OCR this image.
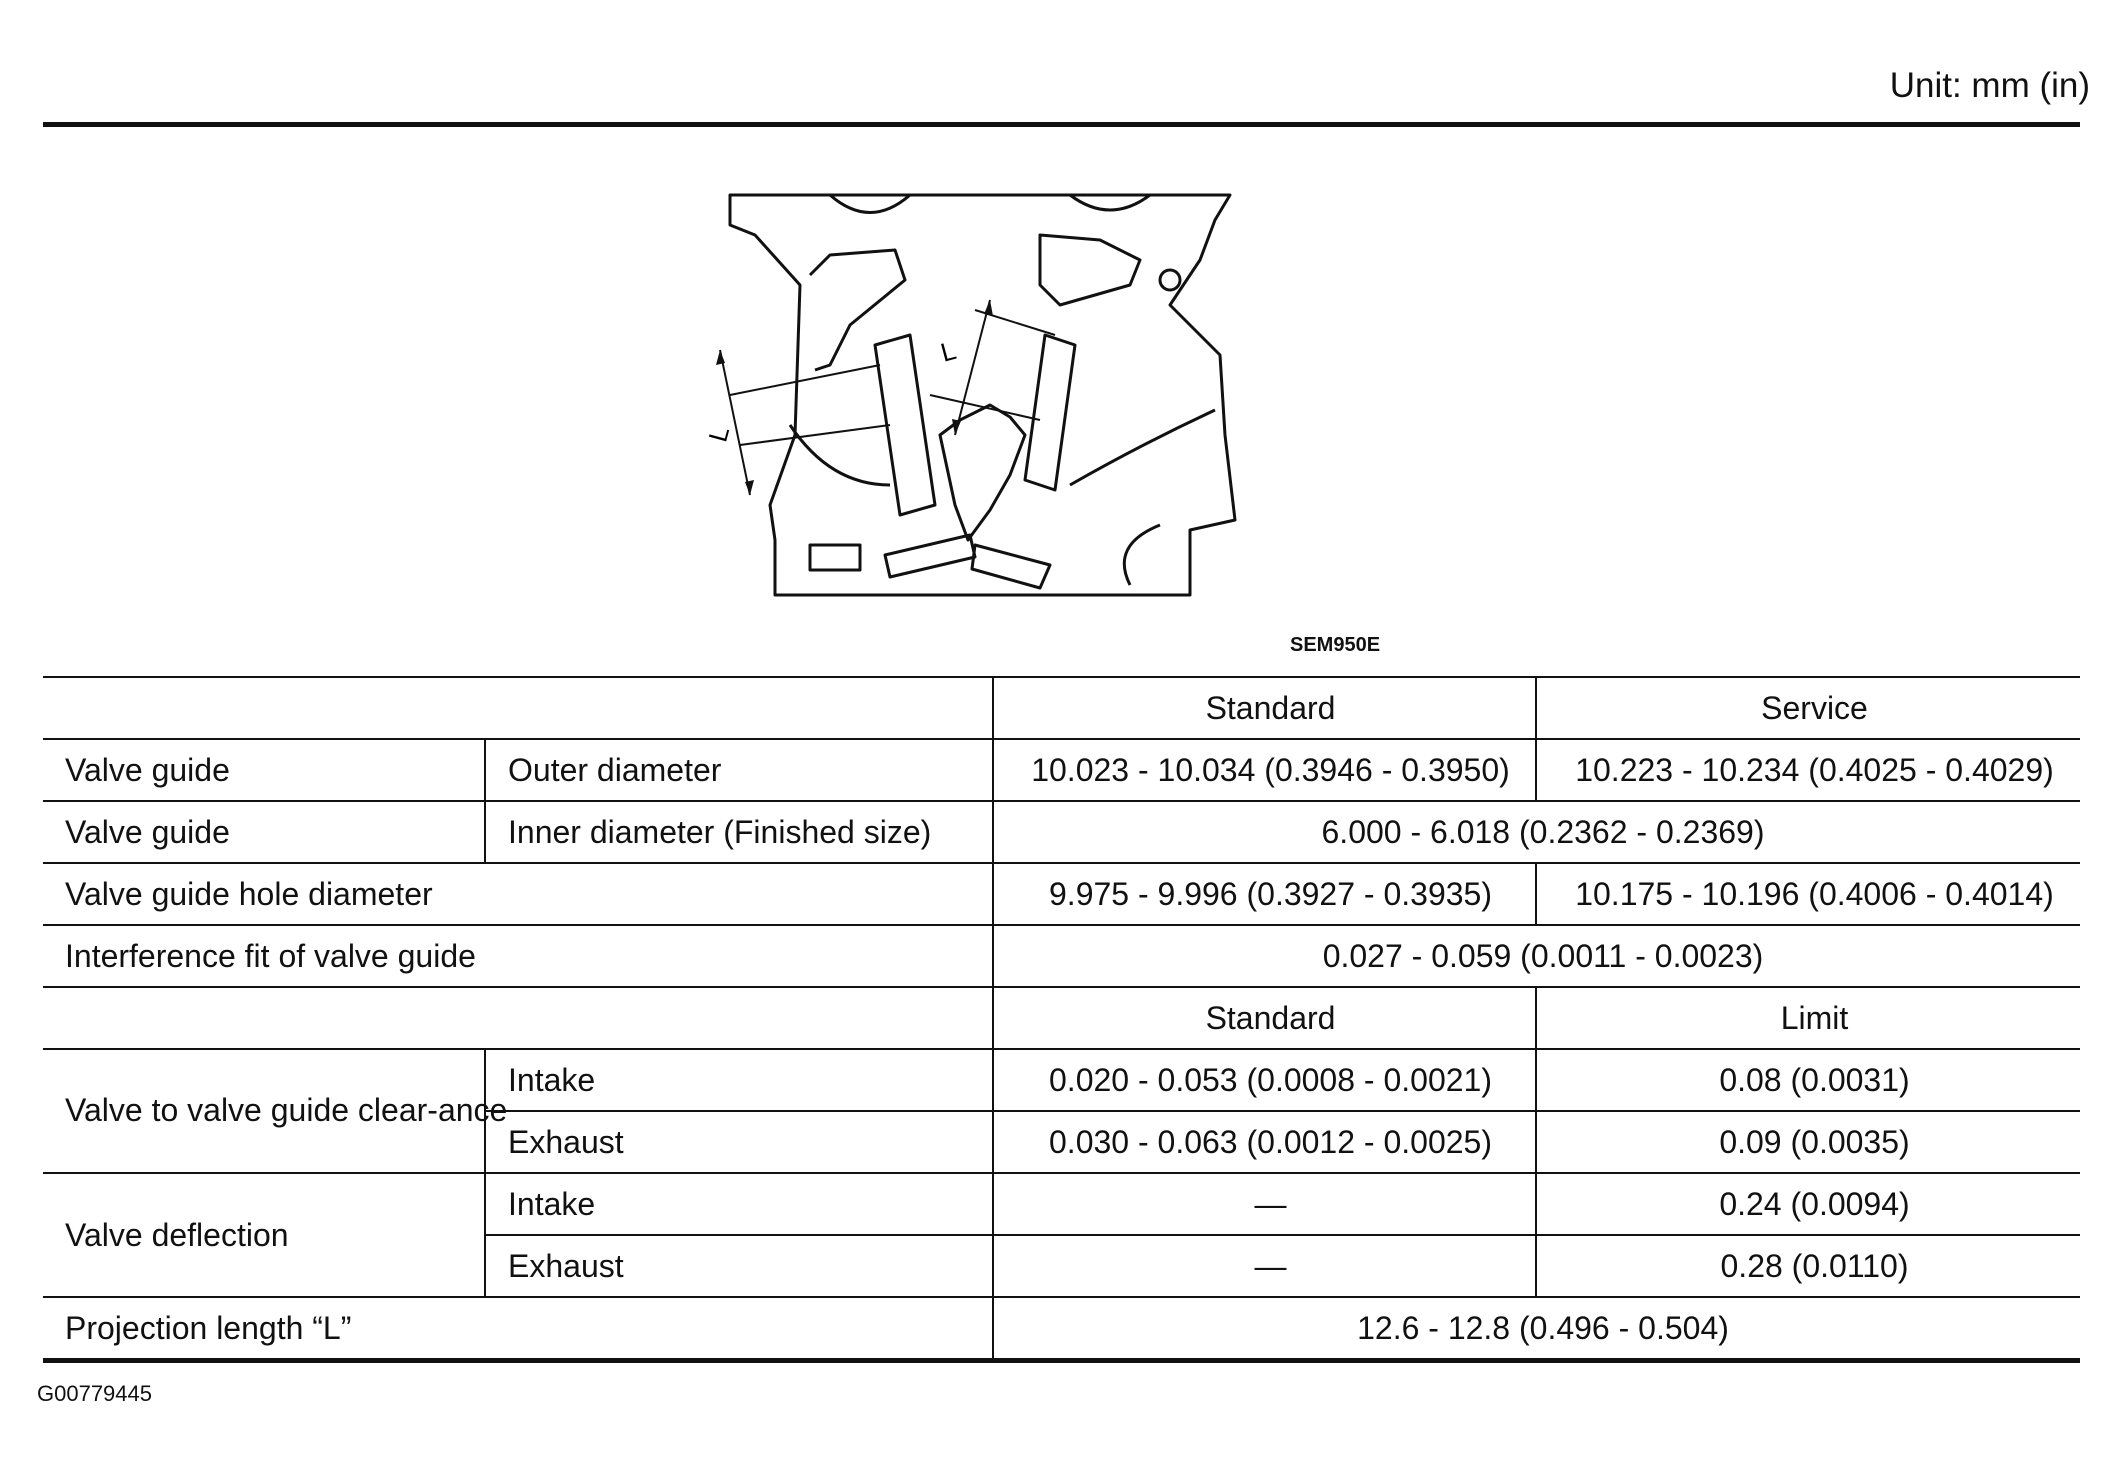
Unit: mm (in)
L
L
SEM950E
		Standard	Service
Valve guide	Outer diameter	10.023 - 10.034 (0.3946 - 0.3950)	10.223 - 10.234 (0.4025 - 0.4029)
Valve guide	Inner diameter (Finished size)	6.000 - 6.018 (0.2362 - 0.2369)	
Valve guide hole diameter		9.975 - 9.996 (0.3927 - 0.3935)	10.175 - 10.196 (0.4006 - 0.4014)
Interference fit of valve guide		0.027 - 0.059 (0.0011 - 0.0023)	
		Standard	Limit
Valve to valve guide clear-ance	Intake	0.020 - 0.053 (0.0008 - 0.0021)	0.08 (0.0031)
	Exhaust	0.030 - 0.063 (0.0012 - 0.0025)	0.09 (0.0035)
Valve deflection	Intake	—	0.24 (0.0094)
	Exhaust	—	0.28 (0.0110)
Projection length “L”		12.6 - 12.8 (0.496 - 0.504)	
G00779445
